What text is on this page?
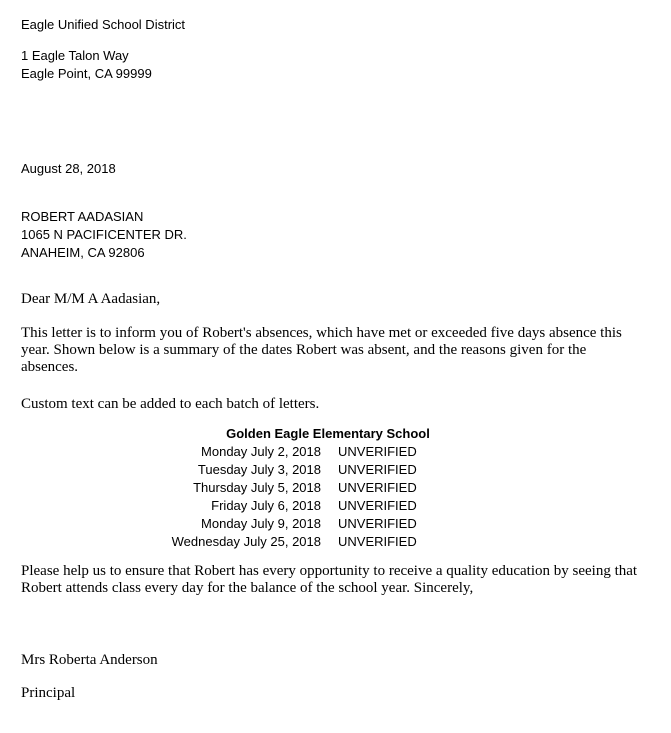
Eagle Unified School District
1 Eagle Talon Way
Eagle Point, CA 99999
August 28, 2018
ROBERT AADASIAN
1065 N PACIFICENTER DR.
ANAHEIM, CA 92806
Dear M/M A Aadasian,
This letter is to inform you of Robert's absences, which have met or exceeded five days absence this year. Shown below is a summary of the dates Robert was absent, and the reasons given for the absences.
Custom text can be added to each batch of letters.
Golden Eagle Elementary School
Monday July 2, 2018	UNVERIFIED
Tuesday July 3, 2018	UNVERIFIED
Thursday July 5, 2018	UNVERIFIED
Friday July 6, 2018	UNVERIFIED
Monday July 9, 2018	UNVERIFIED
Wednesday July 25, 2018	UNVERIFIED
Please help us to ensure that Robert has every opportunity to receive a quality education by seeing that Robert attends class every day for the balance of the school year. Sincerely,
Mrs Roberta Anderson
Principal
